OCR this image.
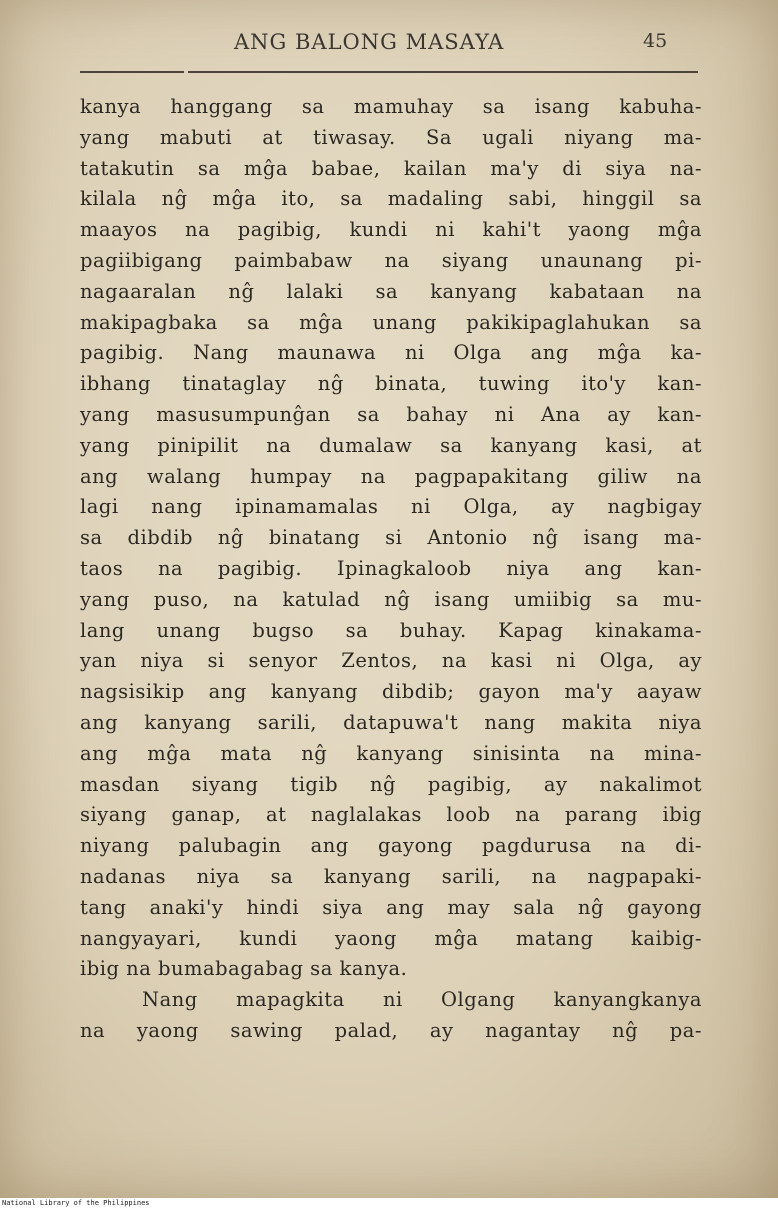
ANG BALONG MASAYA	45
kanya hanggang sa mamuhay sa isang kabuha-
yang mabuti at tiwasay. Sa ugali niyang ma-
tatakutin sa mĝa babae, kailan ma'y di siya na-
kilala nĝ mĝa ito, sa madaling sabi, hinggil sa
maayos na pagibig, kundi ni kahi't yaong mĝa
pagiibigang paimbabaw na siyang unaunang pi-
nagaaralan nĝ lalaki sa kanyang kabataan na
makipagbaka sa mĝa unang pakikipaglahukan sa
pagibig. Nang maunawa ni Olga ang mĝa ka-
ibhang tinataglay nĝ binata, tuwing ito'y kan-
yang masusumpunĝan sa bahay ni Ana ay kan-
yang pinipilit na dumalaw sa kanyang kasi, at
ang walang humpay na pagpapakitang giliw na
lagi nang ipinamamalas ni Olga, ay nagbigay
sa dibdib nĝ binatang si Antonio nĝ isang ma-
taos na pagibig. Ipinagkaloob niya ang kan-
yang puso, na katulad nĝ isang umiibig sa mu-
lang unang bugso sa buhay. Kapag kinakama-
yan niya si senyor Zentos, na kasi ni Olga, ay
nagsisikip ang kanyang dibdib; gayon ma'y aayaw
ang kanyang sarili, datapuwa't nang makita niya
ang mĝa mata nĝ kanyang sinisinta na mina-
masdan siyang tigib nĝ pagibig, ay nakalimot
siyang ganap, at naglalakas loob na parang ibig
niyang palubagin ang gayong pagdurusa na di-
nadanas niya sa kanyang sarili, na nagpapaki-
tang anaki'y hindi siya ang may sala nĝ gayong
nangyayari, kundi yaong mĝa matang kaibig-
ibig na bumabagabag sa kanya.
Nang mapagkita ni Olgang kanyangkanya
na yaong sawing palad, ay nagantay nĝ pa-
National Library of the Philippines
